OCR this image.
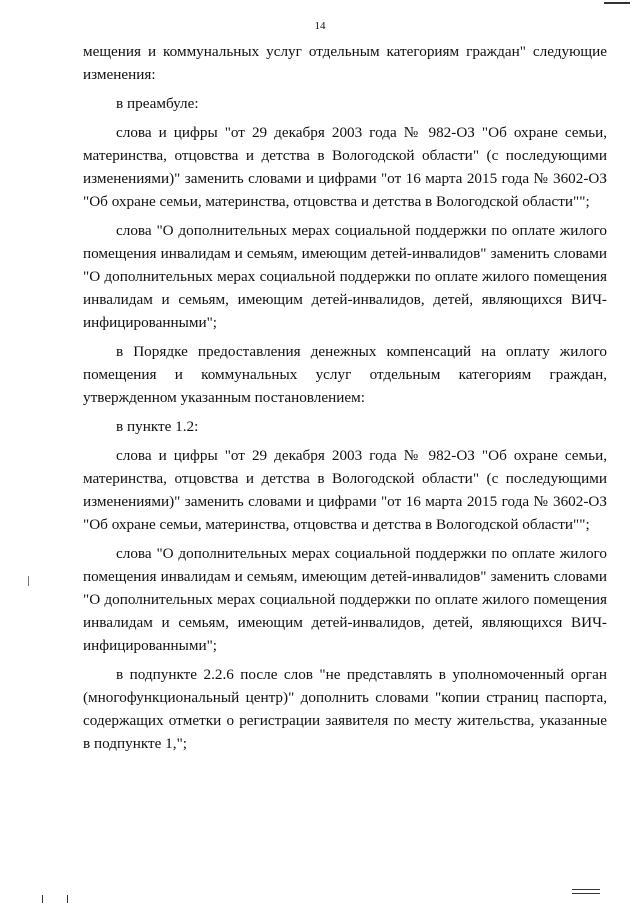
14

мещения и коммунальных услуг отдельным категориям граждан" следующие изменения:

в преамбуле:

слова и цифры "от 29 декабря 2003 года № 982-ОЗ "Об охране семьи, материнства, отцовства и детства в Вологодской области" (с последующими изменениями)" заменить словами и цифрами "от 16 марта 2015 года № 3602-ОЗ "Об охране семьи, материнства, отцовства и детства в Вологодской области"";

слова "О дополнительных мерах социальной поддержки по оплате жилого помещения инвалидам и семьям, имеющим детей-инвалидов" заменить словами "О дополнительных мерах социальной поддержки по оплате жилого помещения инвалидам и семьям, имеющим детей-инвалидов, детей, являющихся ВИЧ-инфицированными";

в Порядке предоставления денежных компенсаций на оплату жилого помещения и коммунальных услуг отдельным категориям граждан, утвержденном указанным постановлением:

в пункте 1.2:

слова и цифры "от 29 декабря 2003 года № 982-ОЗ "Об охране семьи, материнства, отцовства и детства в Вологодской области" (с последующими изменениями)" заменить словами и цифрами "от 16 марта 2015 года № 3602-ОЗ "Об охране семьи, материнства, отцовства и детства в Вологодской области"";

слова "О дополнительных мерах социальной поддержки по оплате жилого помещения инвалидам и семьям, имеющим детей-инвалидов" заменить словами "О дополнительных мерах социальной поддержки по оплате жилого помещения инвалидам и семьям, имеющим детей-инвалидов, детей, являющихся ВИЧ-инфицированными";

в подпункте 2.2.6 после слов "не представлять в уполномоченный орган (многофункциональный центр)" дополнить словами "копии страниц паспорта, содержащих отметки о регистрации заявителя по месту жительства, указанные в подпункте 1,";
